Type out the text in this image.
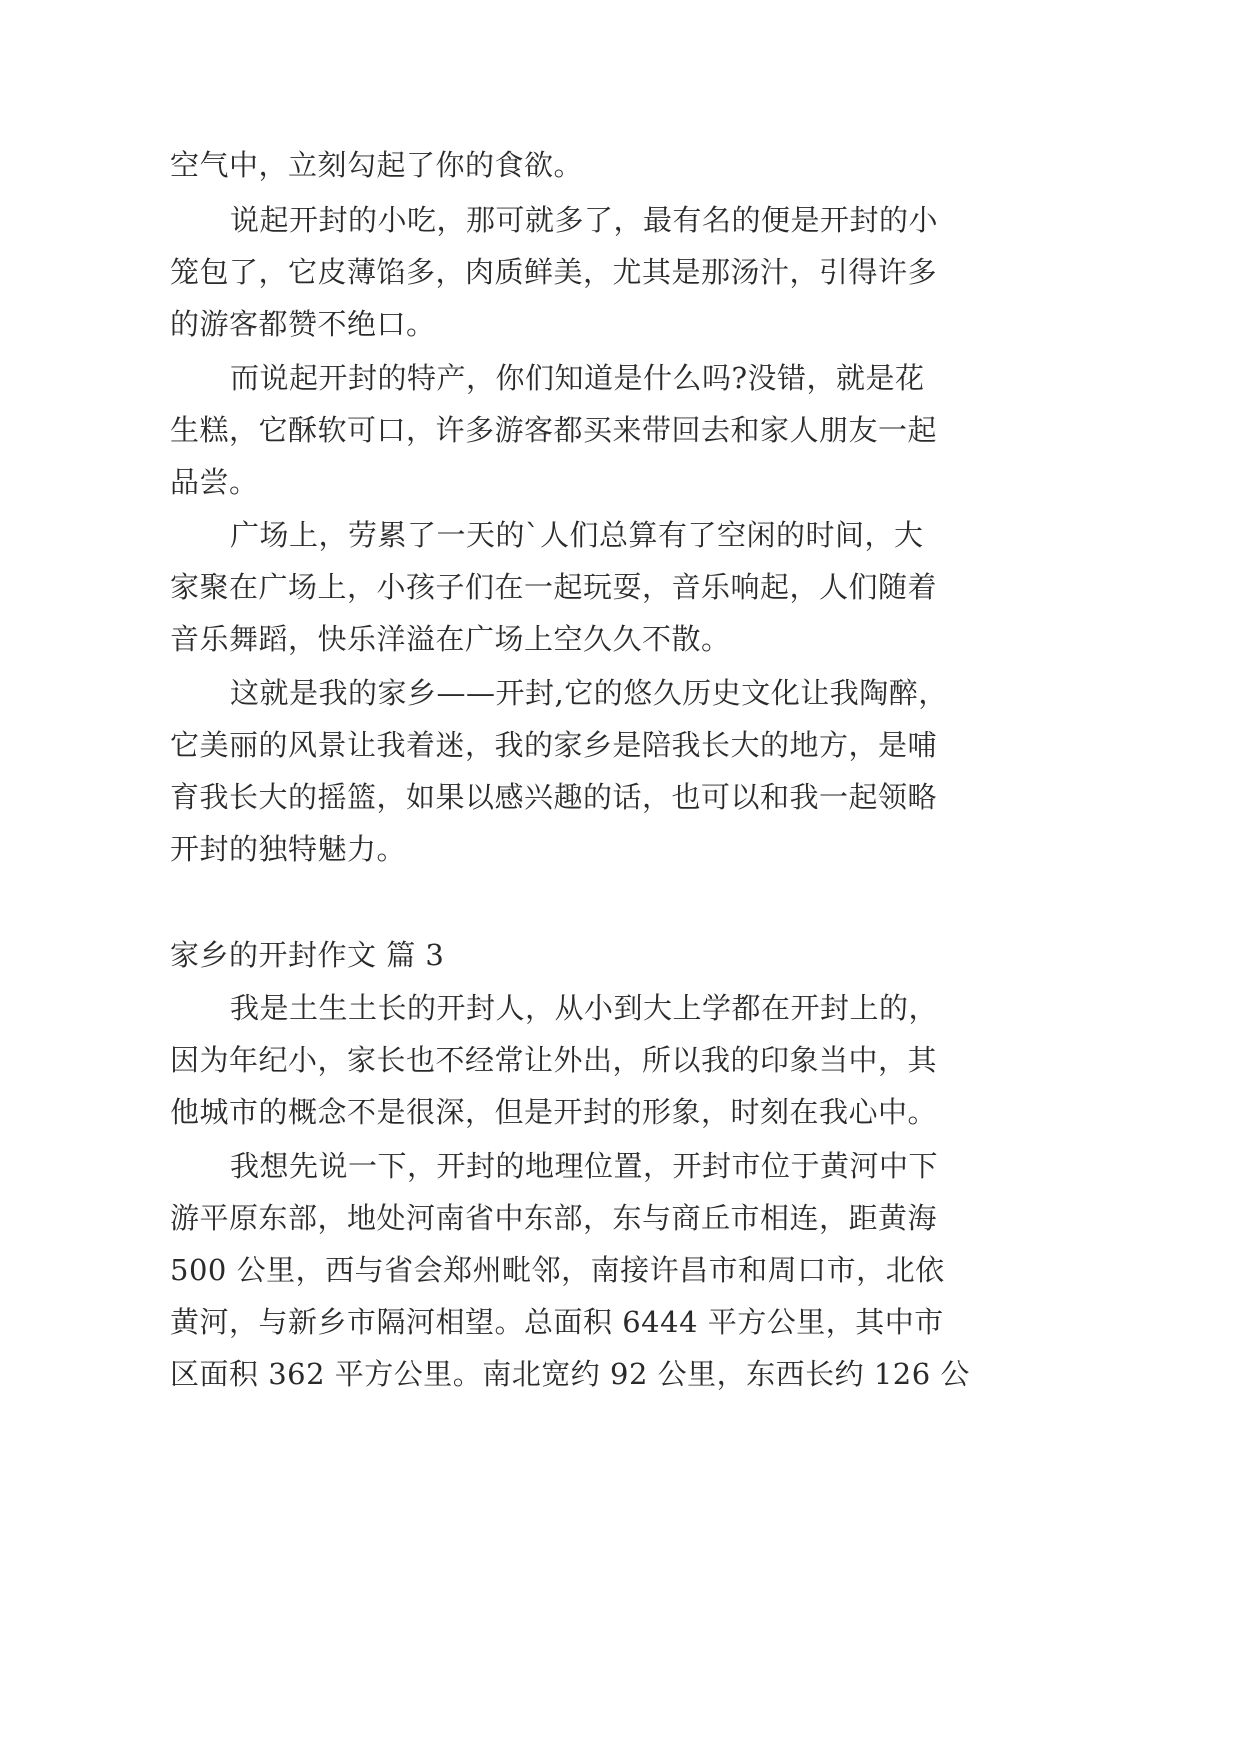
空气中，立刻勾起了你的食欲。
说起开封的小吃，那可就多了，最有名的便是开封的小
笼包了，它皮薄馅多，肉质鲜美，尤其是那汤汁，引得许多
的游客都赞不绝口。
而说起开封的特产，你们知道是什么吗?没错，就是花
生糕，它酥软可口，许多游客都买来带回去和家人朋友一起
品尝。
广场上，劳累了一天的`人们总算有了空闲的时间，大
家聚在广场上，小孩子们在一起玩耍，音乐响起，人们随着
音乐舞蹈，快乐洋溢在广场上空久久不散。
这就是我的家乡——开封,它的悠久历史文化让我陶醉，
它美丽的风景让我着迷，我的家乡是陪我长大的地方，是哺
育我长大的摇篮，如果以感兴趣的话，也可以和我一起领略
开封的独特魅力。
家乡的开封作文 篇 3
我是土生土长的开封人，从小到大上学都在开封上的，
因为年纪小，家长也不经常让外出，所以我的印象当中，其
他城市的概念不是很深，但是开封的形象，时刻在我心中。
我想先说一下，开封的地理位置，开封市位于黄河中下
游平原东部，地处河南省中东部，东与商丘市相连，距黄海
500 公里，西与省会郑州毗邻，南接许昌市和周口市，北依
黄河，与新乡市隔河相望。总面积 6444 平方公里，其中市
区面积 362 平方公里。南北宽约 92 公里，东西长约 126 公
